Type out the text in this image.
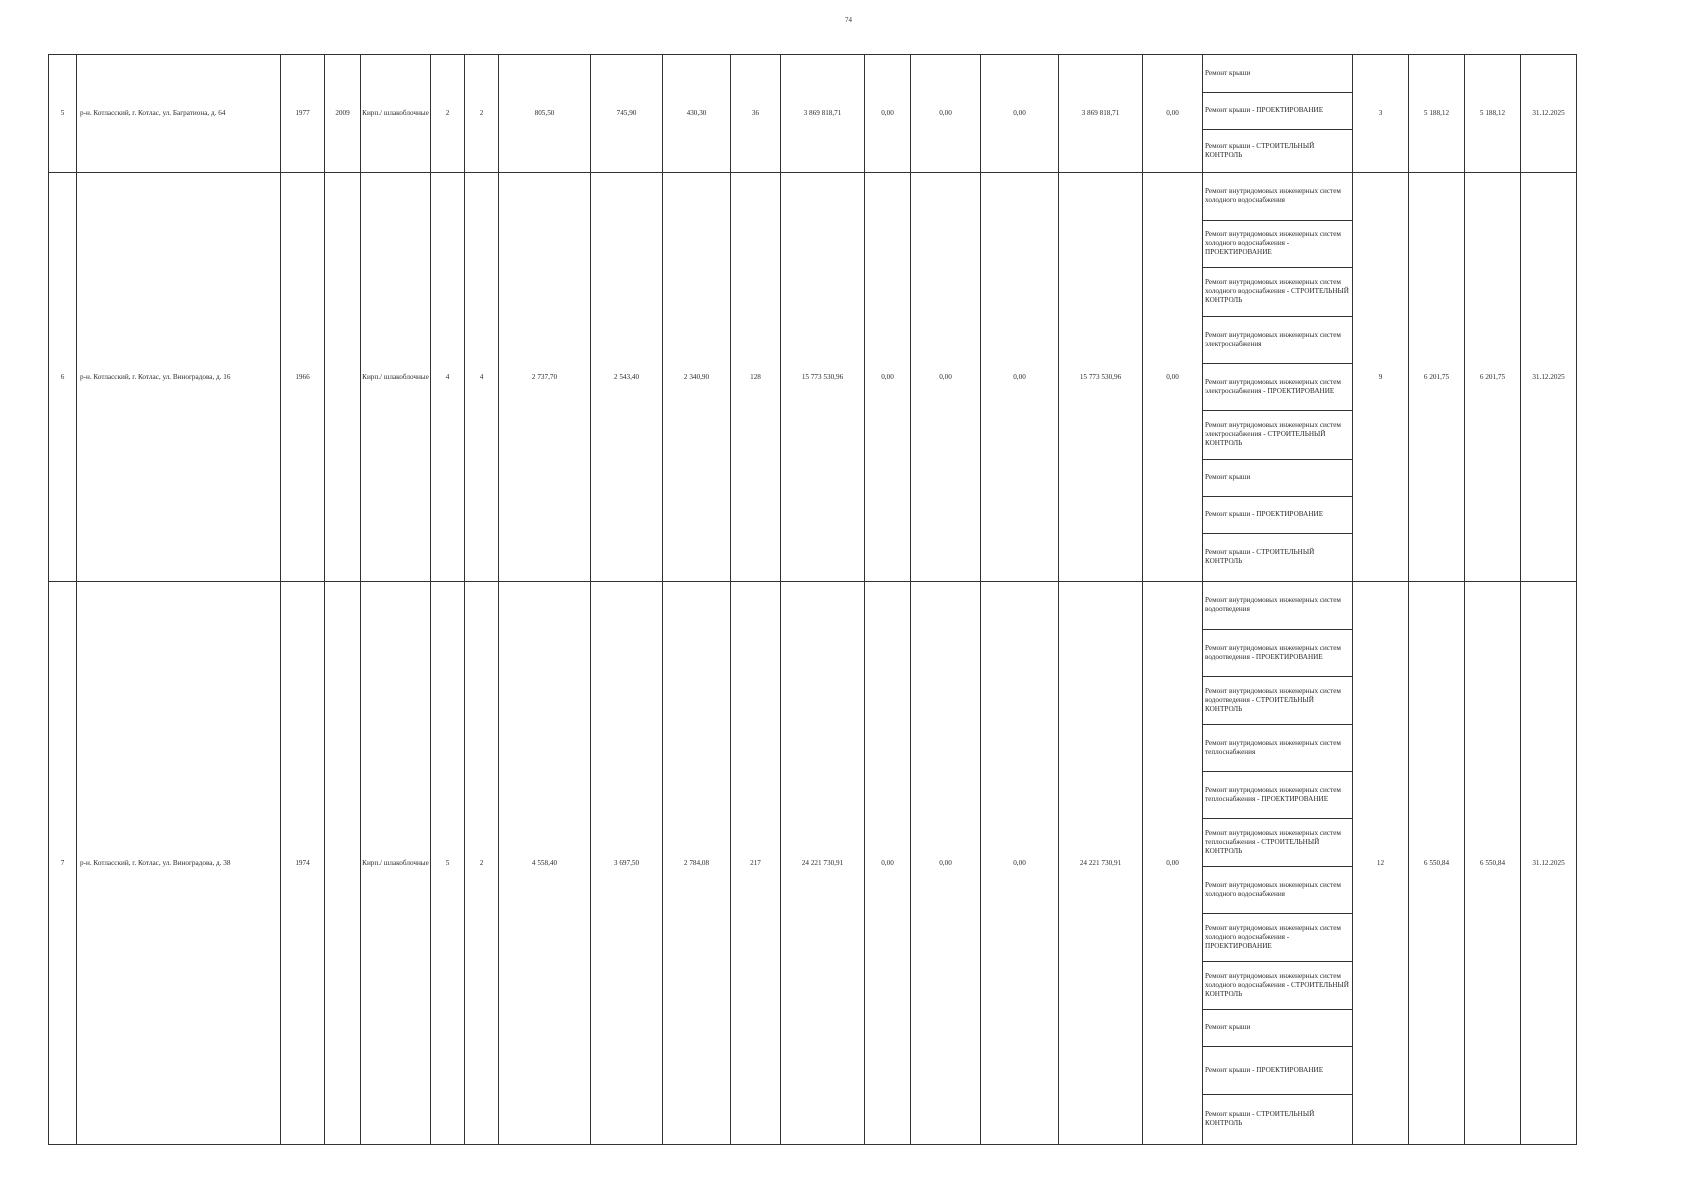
74
5	р-н. Котласский, г. Котлас, ул. Багратиона, д. 64	1977	2009	Кирп./ шлакоблочные	2	2	805,50	745,90	430,30	36	3 869 818,71	0,00	0,00	0,00	3 869 818,71	0,00	
Ремонт крыши
Ремонт крыши - ПРОЕКТИРОВАНИЕ
Ремонт крыши - СТРОИТЕЛЬНЫЙ КОНТРОЛЬ
	3	5 188,12	5 188,12	31.12.2025
6	р-н. Котласский, г. Котлас, ул. Виноградова, д. 16	1966		Кирп./ шлакоблочные	4	4	2 737,70	2 543,40	2 340,90	128	15 773 530,96	0,00	0,00	0,00	15 773 530,96	0,00	
Ремонт внутридомовых инженерных систем холодного водоснабжения
Ремонт внутридомовых инженерных систем холодного водоснабжения - ПРОЕКТИРОВАНИЕ
Ремонт внутридомовых инженерных систем холодного водоснабжения - СТРОИТЕЛЬНЫЙ КОНТРОЛЬ
Ремонт внутридомовых инженерных систем электроснабжения
Ремонт внутридомовых инженерных систем электроснабжения - ПРОЕКТИРОВАНИЕ
Ремонт внутридомовых инженерных систем электроснабжения - СТРОИТЕЛЬНЫЙ КОНТРОЛЬ
Ремонт крыши
Ремонт крыши - ПРОЕКТИРОВАНИЕ
Ремонт крыши - СТРОИТЕЛЬНЫЙ КОНТРОЛЬ
	9	6 201,75	6 201,75	31.12.2025
7	р-н. Котласский, г. Котлас, ул. Виноградова, д. 38	1974		Кирп./ шлакоблочные	5	2	4 558,40	3 697,50	2 784,08	217	24 221 730,91	0,00	0,00	0,00	24 221 730,91	0,00	
Ремонт внутридомовых инженерных систем водоотведения
Ремонт внутридомовых инженерных систем водоотведения - ПРОЕКТИРОВАНИЕ
Ремонт внутридомовых инженерных систем водоотведения - СТРОИТЕЛЬНЫЙ КОНТРОЛЬ
Ремонт внутридомовых инженерных систем теплоснабжения
Ремонт внутридомовых инженерных систем теплоснабжения - ПРОЕКТИРОВАНИЕ
Ремонт внутридомовых инженерных систем теплоснабжения - СТРОИТЕЛЬНЫЙ КОНТРОЛЬ
Ремонт внутридомовых инженерных систем холодного водоснабжения
Ремонт внутридомовых инженерных систем холодного водоснабжения - ПРОЕКТИРОВАНИЕ
Ремонт внутридомовых инженерных систем холодного водоснабжения - СТРОИТЕЛЬНЫЙ КОНТРОЛЬ
Ремонт крыши
Ремонт крыши - ПРОЕКТИРОВАНИЕ
Ремонт крыши - СТРОИТЕЛЬНЫЙ КОНТРОЛЬ
	12	6 550,84	6 550,84	31.12.2025
